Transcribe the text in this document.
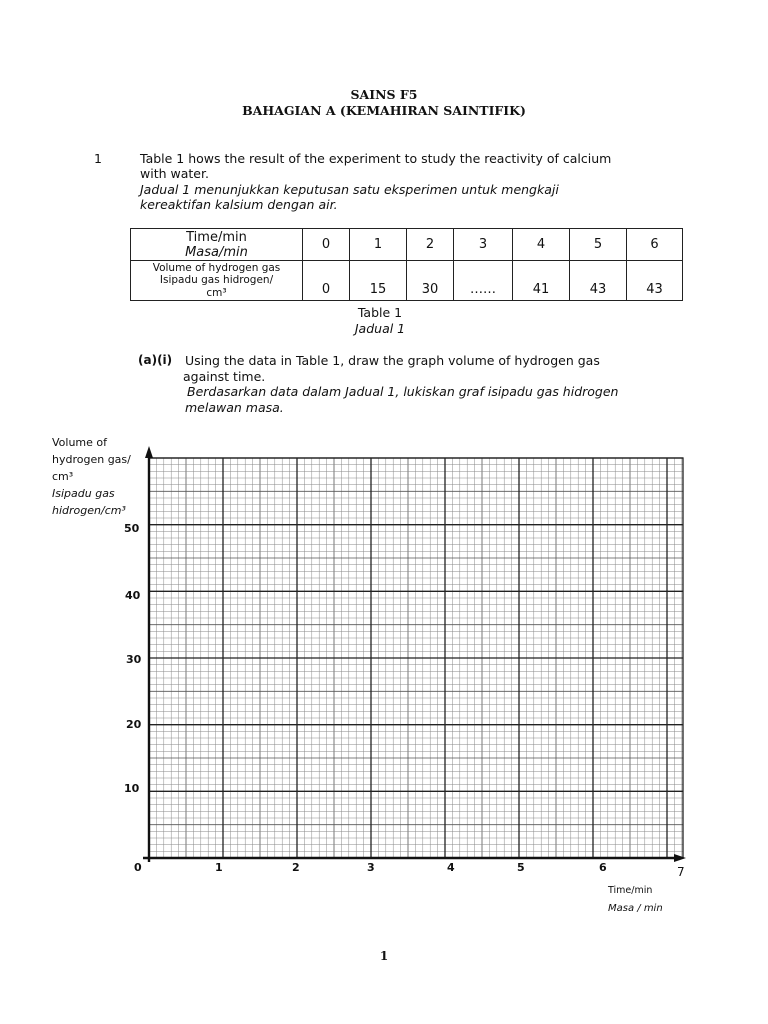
SAINS F5
BAHAGIAN A (KEMAHIRAN SAINTIFIK)
1	Table 1 hows the result of the experiment to study the reactivity of calcium
with water.
Jadual 1 menunjukkan keputusan satu eksperimen untuk mengkaji
kereaktifan kalsium dengan air.
Time/min
Masa/min	0	1	2	3	4	5	6

Volume of hydrogen gas
Isipadu gas hidrogen/
cm³	0	15	30	……	41	43	43
Table 1
Jadual 1
(a)(i) Using the data in Table 1, draw the graph volume of hydrogen gas
against time.
Berdasarkan data dalam Jadual 1, lukiskan graf isipadu gas hidrogen
melawan masa.
Volume of
hydrogen gas/
cm³
Isipadu gas
hidrogen/cm³
10
20
30
40
50
0	1	2	3	4	5	6	7
Time/min
Masa / min
1
